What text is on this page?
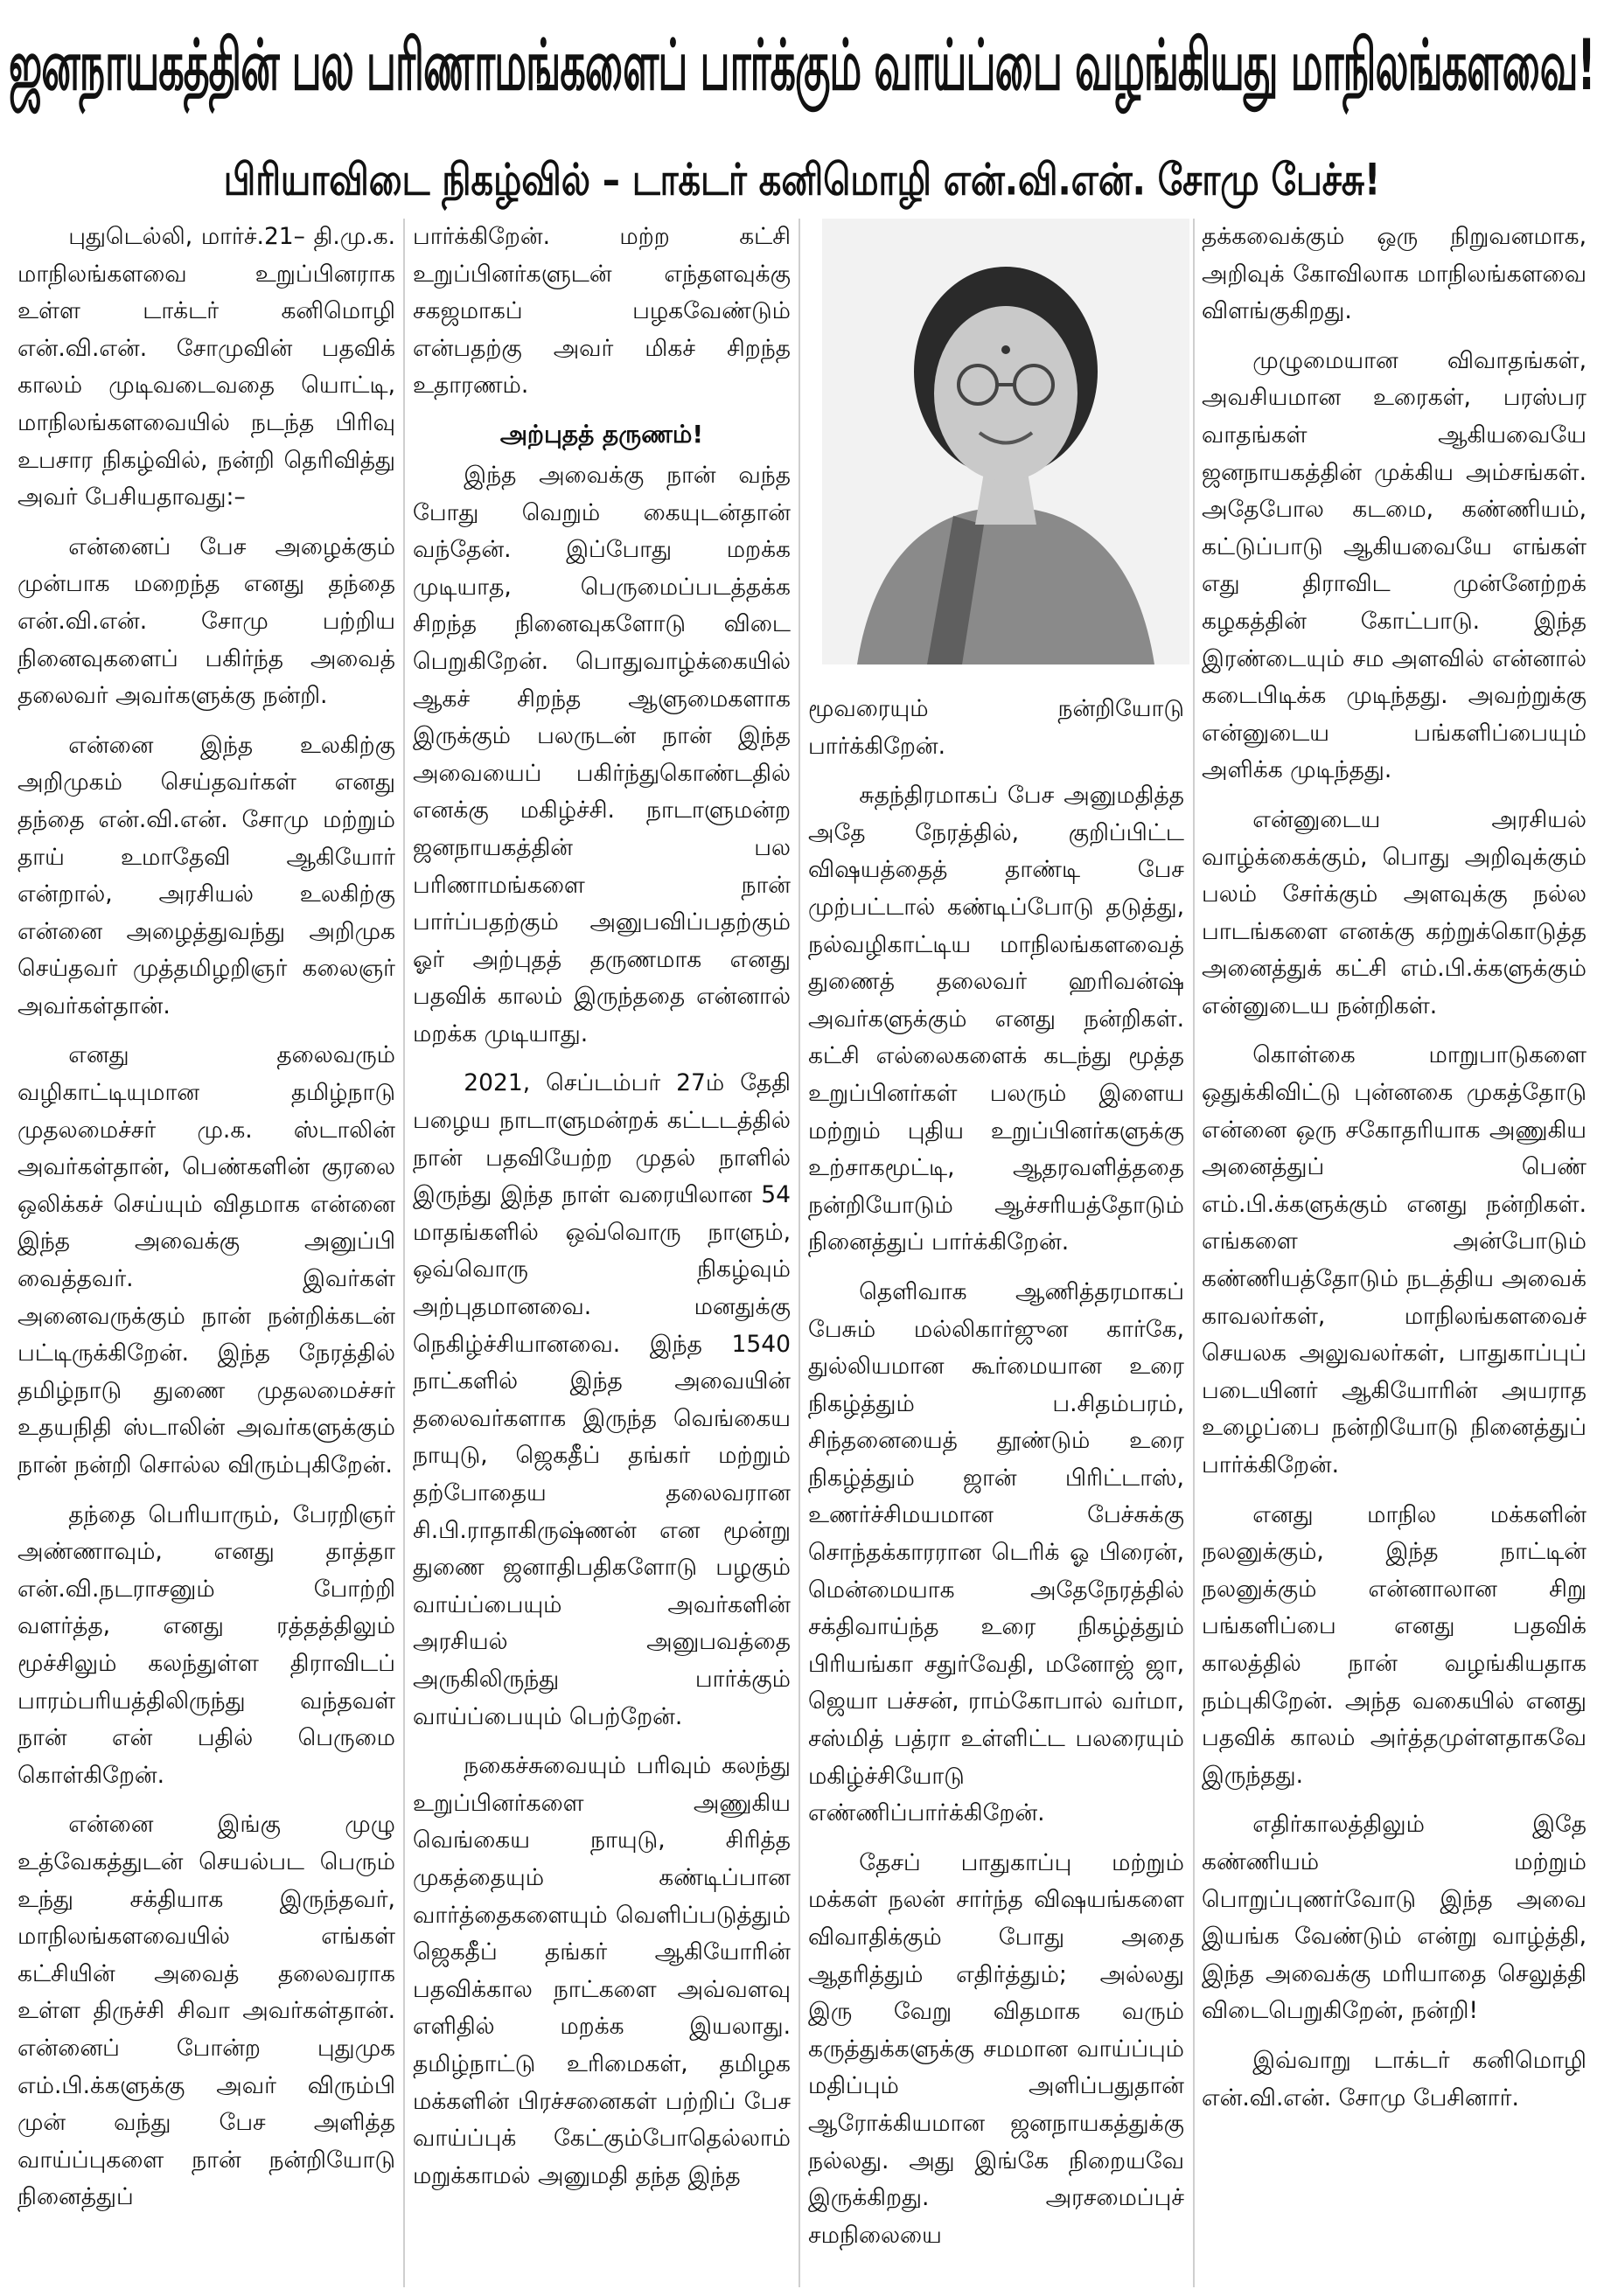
ஜனநாயகத்தின் பல பரிணாமங்களைப் பார்க்கும் வாய்ப்பை வழங்கியது மாநிலங்களவை!
பிரியாவிடை நிகழ்வில் – டாக்டர் கனிமொழி என்.வி.என். சோமு பேச்சு!

புதுடெல்லி, மார்ச்.21– தி.மு.க. மாநிலங்களவை உறுப்பினராக உள்ள டாக்டர் கனிமொழி என்.வி.என். சோமுவின் பதவிக் காலம் முடிவடைவதை யொட்டி, மாநிலங்களவையில் நடந்த பிரிவு உபசார நிகழ்வில், நன்றி தெரிவித்து அவர் பேசியதாவது:–

என்னைப் பேச அழைக்கும் முன்பாக மறைந்த எனது தந்தை என்.வி.என். சோமு பற்றிய நினைவுகளைப் பகிர்ந்த அவைத் தலைவர் அவர்களுக்கு நன்றி.

என்னை இந்த உலகிற்கு அறிமுகம் செய்தவர்கள் எனது தந்தை என்.வி.என். சோமு மற்றும் தாய் உமாதேவி ஆகியோர் என்றால், அரசியல் உலகிற்கு என்னை அழைத்துவந்து அறிமுக செய்தவர் முத்தமிழறிஞர் கலைஞர் அவர்கள்தான்.

எனது தலைவரும் வழிகாட்டியுமான தமிழ்நாடு முதலமைச்சர் மு.க. ஸ்டாலின் அவர்கள்தான், பெண்களின் குரலை ஒலிக்கச் செய்யும் விதமாக என்னை இந்த அவைக்கு அனுப்பி வைத்தவர். இவர்கள் அனைவருக்கும் நான் நன்றிக்கடன் பட்டிருக்கிறேன். இந்த நேரத்தில் தமிழ்நாடு துணை முதலமைச்சர் உதயநிதி ஸ்டாலின் அவர்களுக்கும் நான் நன்றி சொல்ல விரும்புகிறேன்.

தந்தை பெரியாரும், பேரறிஞர் அண்ணாவும், எனது தாத்தா என்.வி.நடராசனும் போற்றி வளர்த்த, எனது ரத்தத்திலும் மூச்சிலும் கலந்துள்ள திராவிடப் பாரம்பரியத்திலிருந்து வந்தவள் நான் என் பதில் பெருமை கொள்கிறேன்.

என்னை இங்கு முழு உத்வேகத்துடன் செயல்பட பெரும் உந்து சக்தியாக இருந்தவர், மாநிலங்களவையில் எங்கள் கட்சியின் அவைத் தலைவராக உள்ள திருச்சி சிவா அவர்கள்தான். என்னைப் போன்ற புதுமுக எம்.பி.க்களுக்கு அவர் விரும்பி முன் வந்து பேச அளித்த வாய்ப்புகளை நான் நன்றியோடு நினைத்துப்

பார்க்கிறேன். மற்ற கட்சி உறுப்பினர்களுடன் எந்தளவுக்கு சகஜமாகப் பழகவேண்டும் என்பதற்கு அவர் மிகச் சிறந்த உதாரணம்.

அற்புதத் தருணம்!

இந்த அவைக்கு நான் வந்த போது வெறும் கையுடன்தான் வந்தேன். இப்போது மறக்க முடியாத, பெருமைப்படத்தக்க சிறந்த நினைவுகளோடு விடை பெறுகிறேன். பொதுவாழ்க்கையில் ஆகச் சிறந்த ஆளுமைகளாக இருக்கும் பலருடன் நான் இந்த அவையைப் பகிர்ந்துகொண்டதில் எனக்கு மகிழ்ச்சி. நாடாளுமன்ற ஜனநாயகத்தின் பல பரிணாமங்களை நான் பார்ப்பதற்கும் அனுபவிப்பதற்கும் ஓர் அற்புதத் தருணமாக எனது பதவிக் காலம் இருந்ததை என்னால் மறக்க முடியாது.

2021, செப்டம்பர் 27ம் தேதி பழைய நாடாளுமன்றக் கட்டடத்தில் நான் பதவியேற்ற முதல் நாளில் இருந்து இந்த நாள் வரையிலான 54 மாதங்களில் ஒவ்வொரு நாளும், ஒவ்வொரு நிகழ்வும் அற்புதமானவை. மனதுக்கு நெகிழ்ச்சியானவை. இந்த 1540 நாட்களில் இந்த அவையின் தலைவர்களாக இருந்த வெங்கைய நாயுடு, ஜெகதீப் தங்கர் மற்றும் தற்போதைய தலைவரான சி.பி.ராதாகிருஷ்ணன் என மூன்று துணை ஜனாதிபதிகளோடு பழகும் வாய்ப்பையும் அவர்களின் அரசியல் அனுபவத்தை அருகிலிருந்து பார்க்கும் வாய்ப்பையும் பெற்றேன்.

நகைச்சுவையும் பரிவும் கலந்து உறுப்பினர்களை அணுகிய வெங்கைய நாயுடு, சிரித்த முகத்தையும் கண்டிப்பான வார்த்தைகளையும் வெளிப்படுத்தும் ஜெகதீப் தங்கர் ஆகியோரின் பதவிக்கால நாட்களை அவ்வளவு எளிதில் மறக்க இயலாது. தமிழ்நாட்டு உரிமைகள், தமிழக மக்களின் பிரச்சனைகள் பற்றிப் பேச வாய்ப்புக் கேட்கும்போதெல்லாம் மறுக்காமல் அனுமதி தந்த இந்த

மூவரையும் நன்றியோடு பார்க்கிறேன்.

சுதந்திரமாகப் பேச அனுமதித்த அதே நேரத்தில், குறிப்பிட்ட விஷயத்தைத் தாண்டி பேச முற்பட்டால் கண்டிப்போடு தடுத்து, நல்வழிகாட்டிய மாநிலங்களவைத் துணைத் தலைவர் ஹரிவன்ஷ் அவர்களுக்கும் எனது நன்றிகள். கட்சி எல்லைகளைக் கடந்து மூத்த உறுப்பினர்கள் பலரும் இளைய மற்றும் புதிய உறுப்பினர்களுக்கு உற்சாகமூட்டி, ஆதரவளித்ததை நன்றியோடும் ஆச்சரியத்தோடும் நினைத்துப் பார்க்கிறேன்.

தெளிவாக ஆணித்தரமாகப் பேசும் மல்லிகார்ஜுன கார்கே, துல்லியமான கூர்மையான உரை நிகழ்த்தும் ப.சிதம்பரம், சிந்தனையைத் தூண்டும் உரை நிகழ்த்தும் ஜான் பிரிட்டாஸ், உணர்ச்சிமயமான பேச்சுக்கு சொந்தக்காரரான டெரிக் ஓ பிரைன், மென்மையாக அதேநேரத்தில் சக்திவாய்ந்த உரை நிகழ்த்தும் பிரியங்கா சதுர்வேதி, மனோஜ் ஜா, ஜெயா பச்சன், ராம்கோபால் வர்மா, சஸ்மித் பத்ரா உள்ளிட்ட பலரையும் மகிழ்ச்சியோடு எண்ணிப்பார்க்கிறேன்.

தேசப் பாதுகாப்பு மற்றும் மக்கள் நலன் சார்ந்த விஷயங்களை விவாதிக்கும் போது அதை ஆதரித்தும் எதிர்த்தும்; அல்லது இரு வேறு விதமாக வரும் கருத்துக்களுக்கு சமமான வாய்ப்பும் மதிப்பும் அளிப்பதுதான் ஆரோக்கியமான ஜனநாயகத்துக்கு நல்லது. அது இங்கே நிறையவே இருக்கிறது. அரசமைப்புச் சமநிலையை

தக்கவைக்கும் ஒரு நிறுவனமாக, அறிவுக் கோவிலாக மாநிலங்களவை விளங்குகிறது.

முழுமையான விவாதங்கள், அவசியமான உரைகள், பரஸ்பர வாதங்கள் ஆகியவையே ஜனநாயகத்தின் முக்கிய அம்சங்கள். அதேபோல கடமை, கண்ணியம், கட்டுப்பாடு ஆகியவையே எங்கள் எது திராவிட முன்னேற்றக் கழகத்தின் கோட்பாடு. இந்த இரண்டையும் சம அளவில் என்னால் கடைபிடிக்க முடிந்தது. அவற்றுக்கு என்னுடைய பங்களிப்பையும் அளிக்க முடிந்தது.

என்னுடைய அரசியல் வாழ்க்கைக்கும், பொது அறிவுக்கும் பலம் சேர்க்கும் அளவுக்கு நல்ல பாடங்களை எனக்கு கற்றுக்கொடுத்த அனைத்துக் கட்சி எம்.பி.க்களுக்கும் என்னுடைய நன்றிகள்.

கொள்கை மாறுபாடுகளை ஒதுக்கிவிட்டு புன்னகை முகத்தோடு என்னை ஒரு சகோதரியாக அணுகிய அனைத்துப் பெண் எம்.பி.க்களுக்கும் எனது நன்றிகள். எங்களை அன்போடும் கண்ணியத்தோடும் நடத்திய அவைக் காவலர்கள், மாநிலங்களவைச் செயலக அலுவலர்கள், பாதுகாப்புப் படையினர் ஆகியோரின் அயராத உழைப்பை நன்றியோடு நினைத்துப் பார்க்கிறேன்.

எனது மாநில மக்களின் நலனுக்கும், இந்த நாட்டின் நலனுக்கும் என்னாலான சிறு பங்களிப்பை எனது பதவிக் காலத்தில் நான் வழங்கியதாக நம்புகிறேன். அந்த வகையில் எனது பதவிக் காலம் அர்த்தமுள்ளதாகவே இருந்தது.

எதிர்காலத்திலும் இதே கண்ணியம் மற்றும் பொறுப்புணர்வோடு இந்த அவை இயங்க வேண்டும் என்று வாழ்த்தி, இந்த அவைக்கு மரியாதை செலுத்தி விடைபெறுகிறேன், நன்றி!

இவ்வாறு டாக்டர் கனிமொழி என்.வி.என். சோமு பேசினார்.
